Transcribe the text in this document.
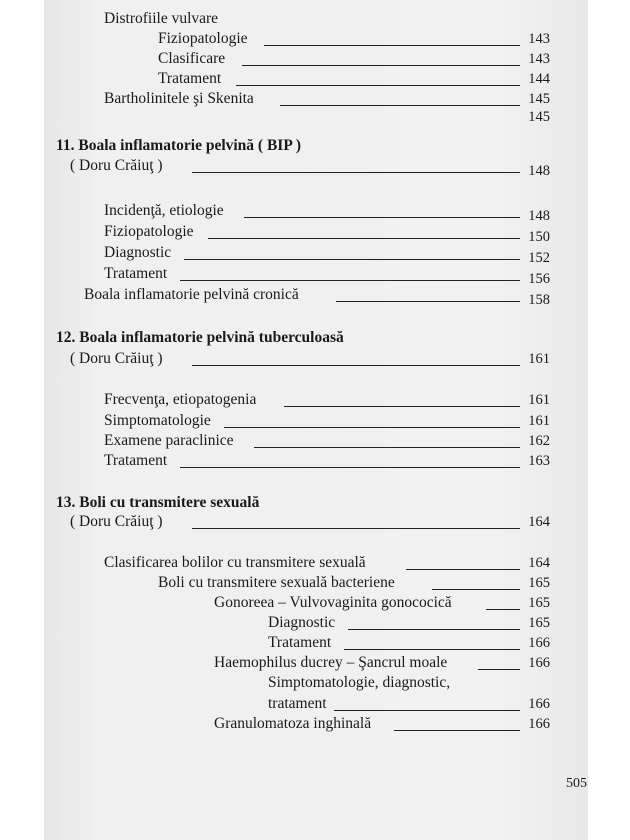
Distrofiile vulvare
Fiziopatologie	143
Clasificare	143
Tratament	144
Bartholinitele şi Skenita	145
145
11. Boala inflamatorie pelvină ( BIP )
( Doru Crăiuţ )	148
Incidenţă, etiologie	148
Fiziopatologie	150
Diagnostic	152
Tratament	156
Boala inflamatorie pelvină cronică	158
12. Boala inflamatorie pelvină tuberculoasă
( Doru Crăiuţ )	161
Frecvenţa, etiopatogenia	161
Simptomatologie	161
Examene paraclinice	162
Tratament	163
13. Boli cu transmitere sexuală
( Doru Crăiuţ )	164
Clasificarea bolilor cu transmitere sexuală	164
Boli cu transmitere sexuală bacteriene	165
Gonoreea – Vulvovaginita gonococică	165
Diagnostic	165
Tratament	166
Haemophilus ducrey – Şancrul moale	166
Simptomatologie, diagnostic,
tratament	166
Granulomatoza inghinală	166
505
